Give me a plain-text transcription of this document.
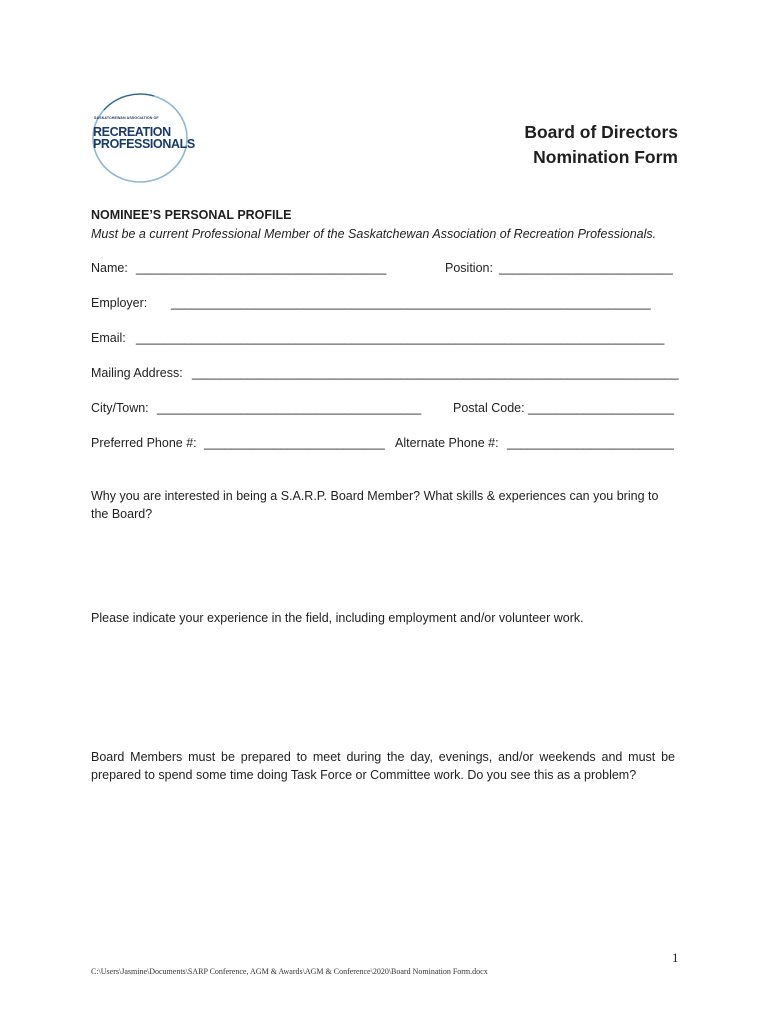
SASKATCHEWAN ASSOCIATION OF
RECREATION
PROFESSIONALS
Board of Directors
Nomination Form
NOMINEE’S PERSONAL PROFILE
Must be a current Professional Member of the Saskatchewan Association of Recreation Professionals.
Name: ____________________________________	Position: _________________________
Employer: _____________________________________________________________________
Email: ____________________________________________________________________________
Mailing Address: ______________________________________________________________________
City/Town: ______________________________________	Postal Code: _____________________
Preferred Phone #: __________________________ Alternate Phone #: ________________________
Why you are interested in being a S.A.R.P. Board Member? What skills & experiences can you bring to the Board?
Please indicate your experience in the field, including employment and/or volunteer work.
Board Members must be prepared to meet during the day, evenings, and/or weekends and must be prepared to spend some time doing Task Force or Committee work. Do you see this as a problem?
1
C:\Users\Jasmine\Documents\SARP Conference, AGM & Awards\AGM & Conference\2020\Board Nomination Form.docx
